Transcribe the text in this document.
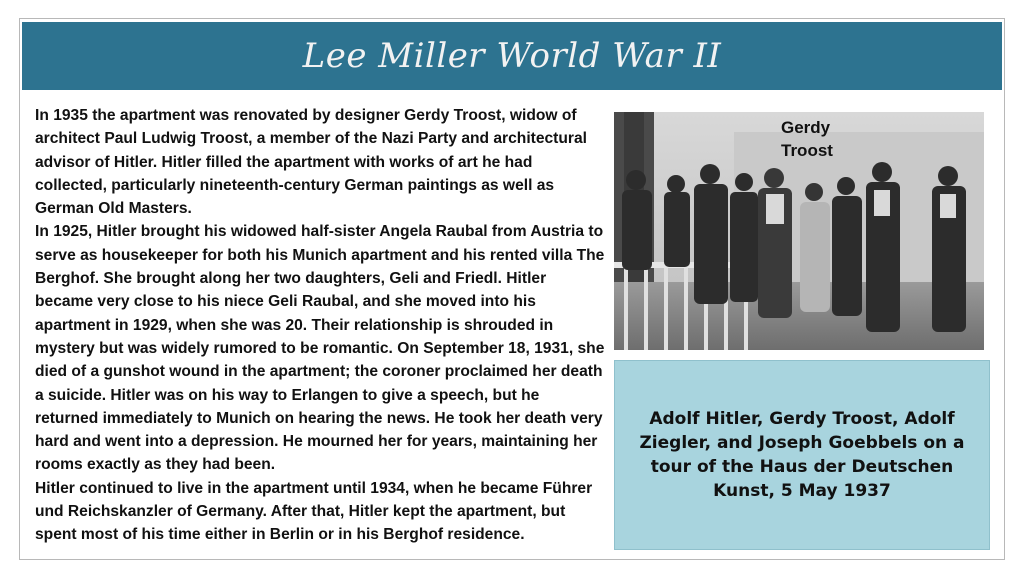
Lee Miller World War II

In 1935 the apartment was renovated by designer Gerdy Troost, widow of architect Paul Ludwig Troost, a member of the Nazi Party and architectural advisor of Hitler. Hitler filled the apartment with works of art he had collected, particularly nineteenth-century German paintings as well as German Old Masters.

In 1925, Hitler brought his widowed half-sister Angela Raubal from Austria to serve as housekeeper for both his Munich apartment and his rented villa The Berghof. She brought along her two daughters, Geli and Friedl. Hitler became very close to his niece Geli Raubal, and she moved into his apartment in 1929, when she was 20. Their relationship is shrouded in mystery but was widely rumored to be romantic. On September 18, 1931, she died of a gunshot wound in the apartment; the coroner proclaimed her death a suicide. Hitler was on his way to Erlangen to give a speech, but he returned immediately to Munich on hearing the news. He took her death very hard and went into a depression. He mourned her for years, maintaining her rooms exactly as they had been.

Hitler continued to live in the apartment until 1934, when he became Führer und Reichskanzler of Germany. After that, Hitler kept the apartment, but spent most of his time either in Berlin or in his Berghof residence.

Gerdy
Troost
Adolf Hitler, Gerdy Troost, Adolf Ziegler, and Joseph Goebbels on a tour of the Haus der Deutschen Kunst, 5 May 1937
